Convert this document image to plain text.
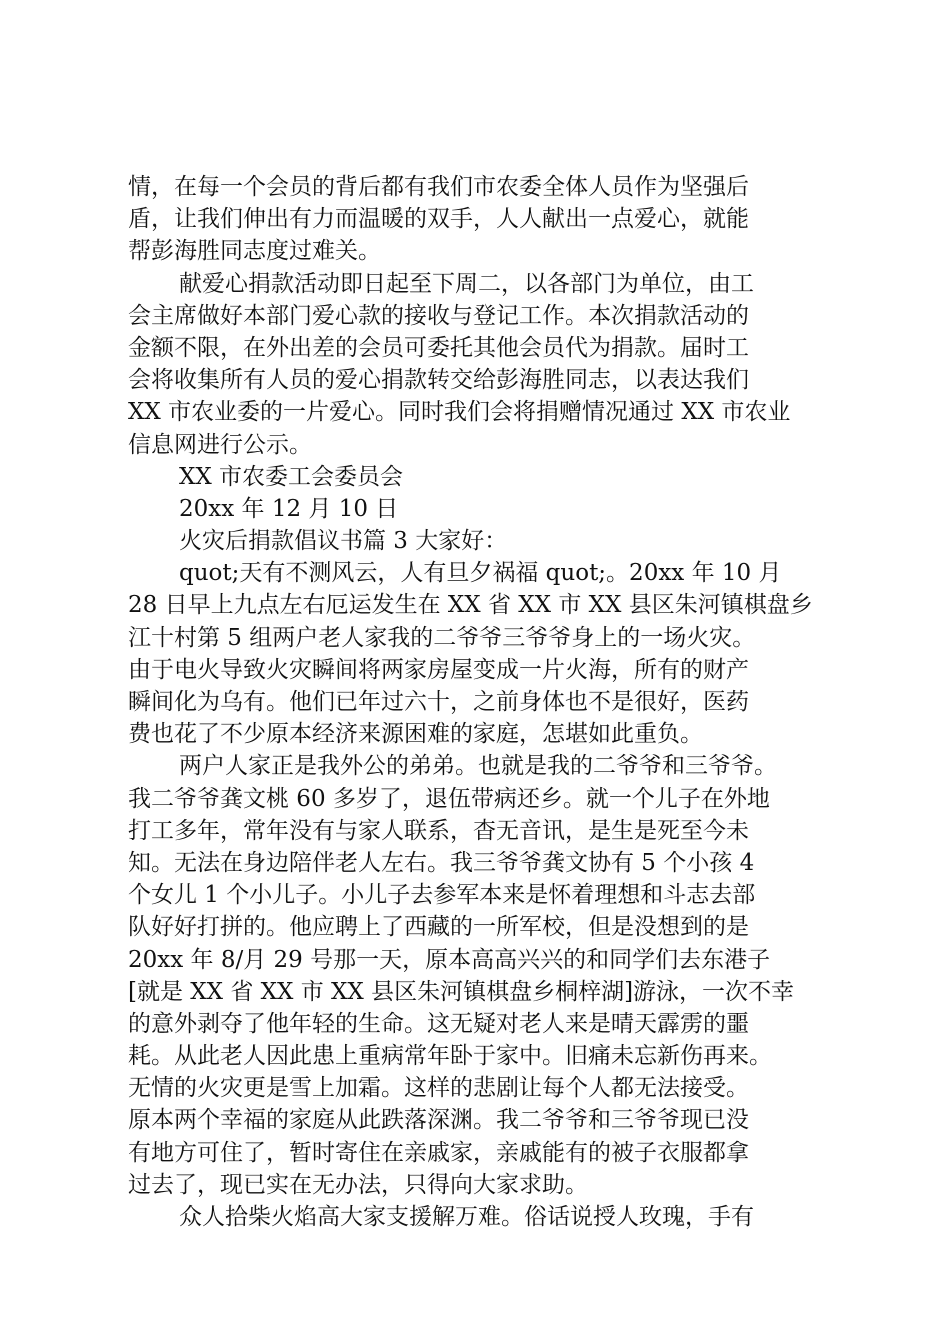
情，在每一个会员的背后都有我们市农委全体人员作为坚强后
盾，让我们伸出有力而温暖的双手，人人献出一点爱心，就能
帮彭海胜同志度过难关。
献爱心捐款活动即日起至下周二，以各部门为单位，由工
会主席做好本部门爱心款的接收与登记工作。本次捐款活动的
金额不限，在外出差的会员可委托其他会员代为捐款。届时工
会将收集所有人员的爱心捐款转交给彭海胜同志，以表达我们
XX 市农业委的一片爱心。同时我们会将捐赠情况通过 XX 市农业
信息网进行公示。
XX 市农委工会委员会
20xx 年 12 月 10 日
火灾后捐款倡议书篇 3 大家好：
quot;天有不测风云，人有旦夕祸福 quot;。20xx 年 10 月
28 日早上九点左右厄运发生在 XX 省 XX 市 XX 县区朱河镇棋盘乡
江十村第 5 组两户老人家我的二爷爷三爷爷身上的一场火灾。
由于电火导致火灾瞬间将两家房屋变成一片火海，所有的财产
瞬间化为乌有。他们已年过六十，之前身体也不是很好，医药
费也花了不少原本经济来源困难的家庭，怎堪如此重负。
两户人家正是我外公的弟弟。也就是我的二爷爷和三爷爷。
我二爷爷龚文桃 60 多岁了，退伍带病还乡。就一个儿子在外地
打工多年，常年没有与家人联系，杳无音讯，是生是死至今未
知。无法在身边陪伴老人左右。我三爷爷龚文协有 5 个小孩 4
个女儿 1 个小儿子。小儿子去参军本来是怀着理想和斗志去部
队好好打拼的。他应聘上了西藏的一所军校，但是没想到的是
20xx 年 8/月 29 号那一天，原本高高兴兴的和同学们去东港子
[就是 XX 省 XX 市 XX 县区朱河镇棋盘乡桐梓湖]游泳，一次不幸
的意外剥夺了他年轻的生命。这无疑对老人来是晴天霹雳的噩
耗。从此老人因此患上重病常年卧于家中。旧痛未忘新伤再来。
无情的火灾更是雪上加霜。这样的悲剧让每个人都无法接受。
原本两个幸福的家庭从此跌落深渊。我二爷爷和三爷爷现已没
有地方可住了，暂时寄住在亲戚家，亲戚能有的被子衣服都拿
过去了，现已实在无办法，只得向大家求助。
众人拾柴火焰高大家支援解万难。俗话说授人玫瑰，手有
